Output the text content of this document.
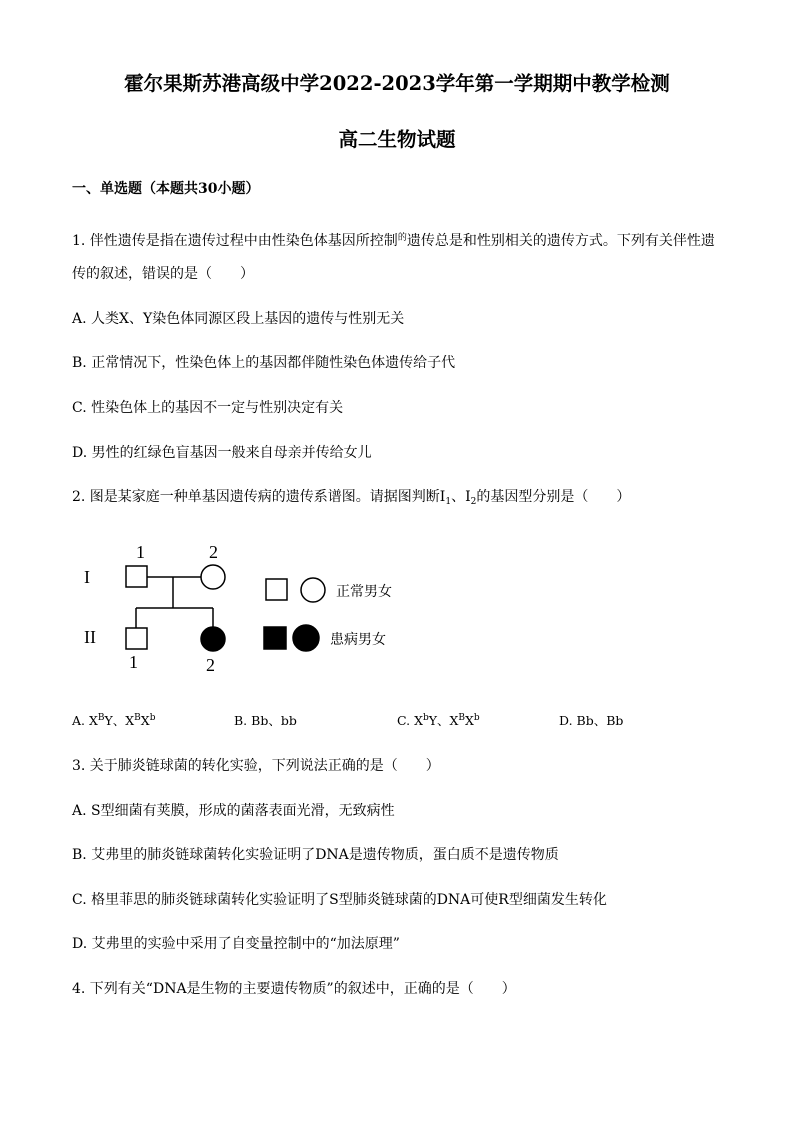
霍尔果斯苏港高级中学2022-2023学年第一学期期中教学检测
高二生物试题
一、单选题（本题共30小题）
1. 伴性遗传是指在遗传过程中由性染色体基因所控制$^的$遗传总是和性别相关的遗传方式。下列有关伴性遗
传的叙述，错误的是（　　）
A. 人类X、Y染色体同源区段上基因的遗传与性别无关
B. 正常情况下，性染色体上的基因都伴随性染色体遗传给子代
C. 性染色体上的基因不一定与性别决定有关
D. 男性的红绿色盲基因一般来自母亲并传给女儿
2. 图是某家庭一种单基因遗传病的遗传系谱图。请据图判断$Ⅰ_1$、$Ⅰ_2$的基因型分别是（　　）
I
II
1	2
1	2
正常男女
患病男女
A. $X^BY$、$X^BX^b$	B. Bb、bb	C. $X^bY$、$X^BX^b$	D. Bb、Bb
3. 关于肺炎链球菌的转化实验，下列说法正确的是（　　）
A. S型细菌有荚膜，形成的菌落表面光滑，无致病性
B. 艾弗里的肺炎链球菌转化实验证明了DNA是遗传物质，蛋白质不是遗传物质
C. 格里菲思的肺炎链球菌转化实验证明了S型肺炎链球菌的DNA可使R型细菌发生转化
D. 艾弗里的实验中采用了自变量控制中的“加法原理”
4. 下列有关“DNA是生物的主要遗传物质”的叙述中，正确的是（　　）
